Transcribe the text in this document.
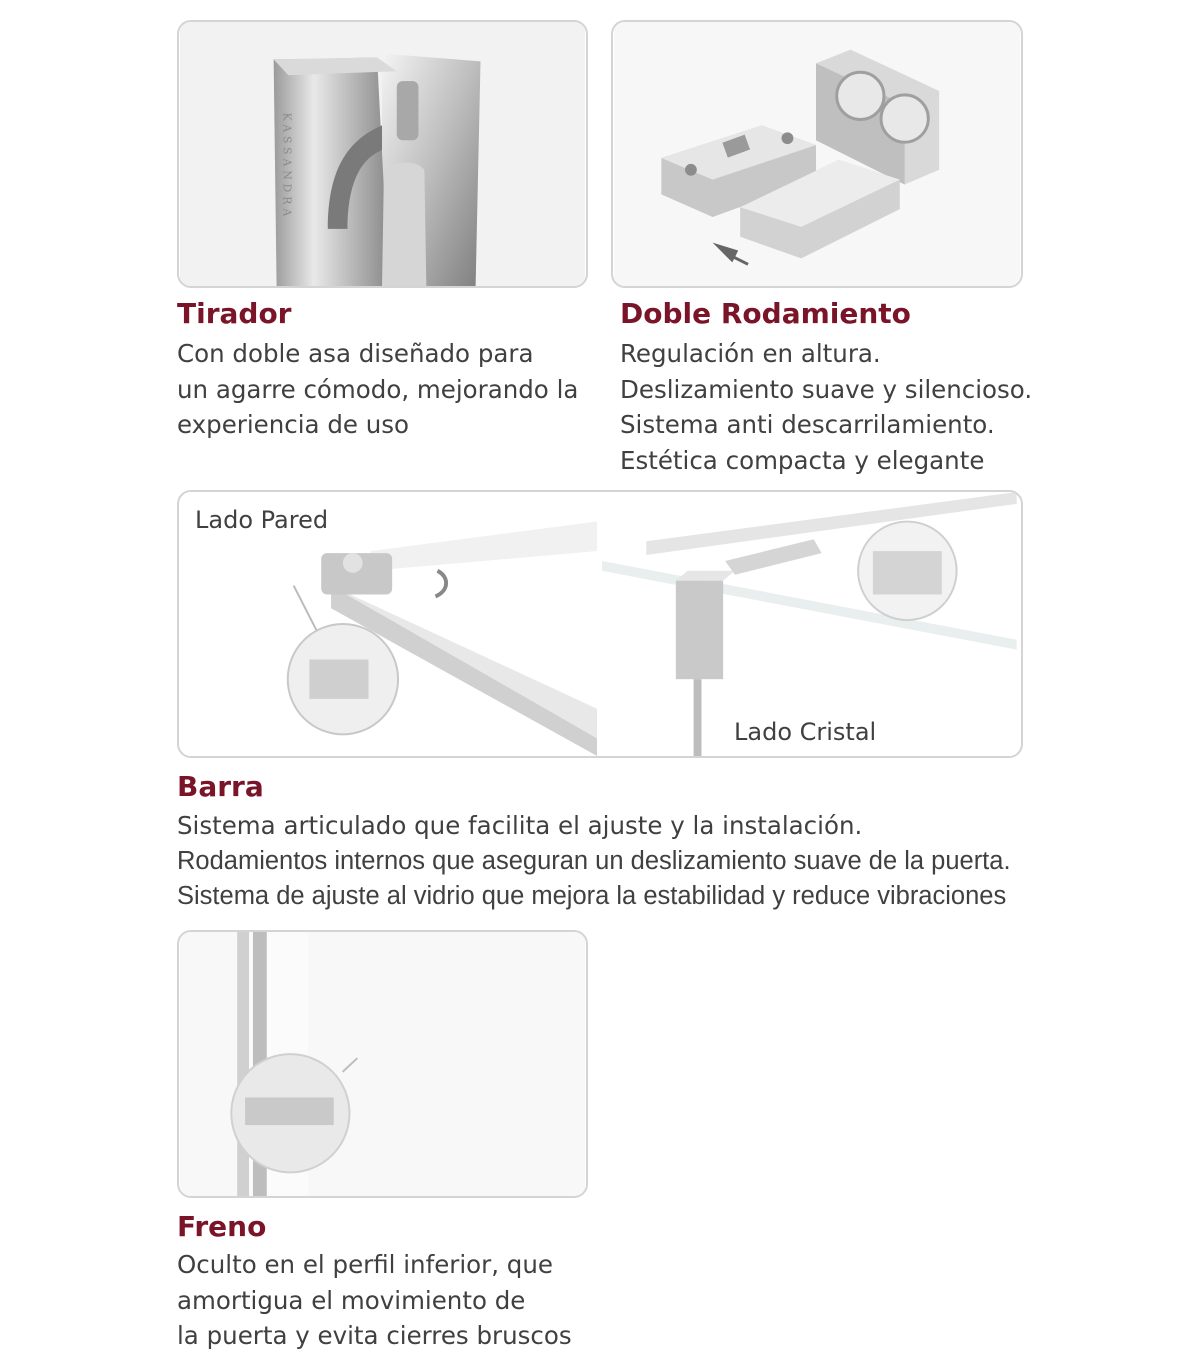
KASSANDRA
Tirador
Con doble asa diseñado para
un agarre cómodo, mejorando la
experiencia de uso
Doble Rodamiento
Regulación en altura.
Deslizamiento suave y silencioso.
Sistema anti descarrilamiento.
Estética compacta y elegante
Lado Pared
Lado Cristal
Barra
Sistema articulado que facilita el ajuste y la instalación.
Rodamientos internos que aseguran un deslizamiento suave de la puerta.
Sistema de ajuste al vidrio que mejora la estabilidad y reduce vibraciones
Freno
Oculto en el perfil inferior, que
amortigua el movimiento de
la puerta y evita cierres bruscos
